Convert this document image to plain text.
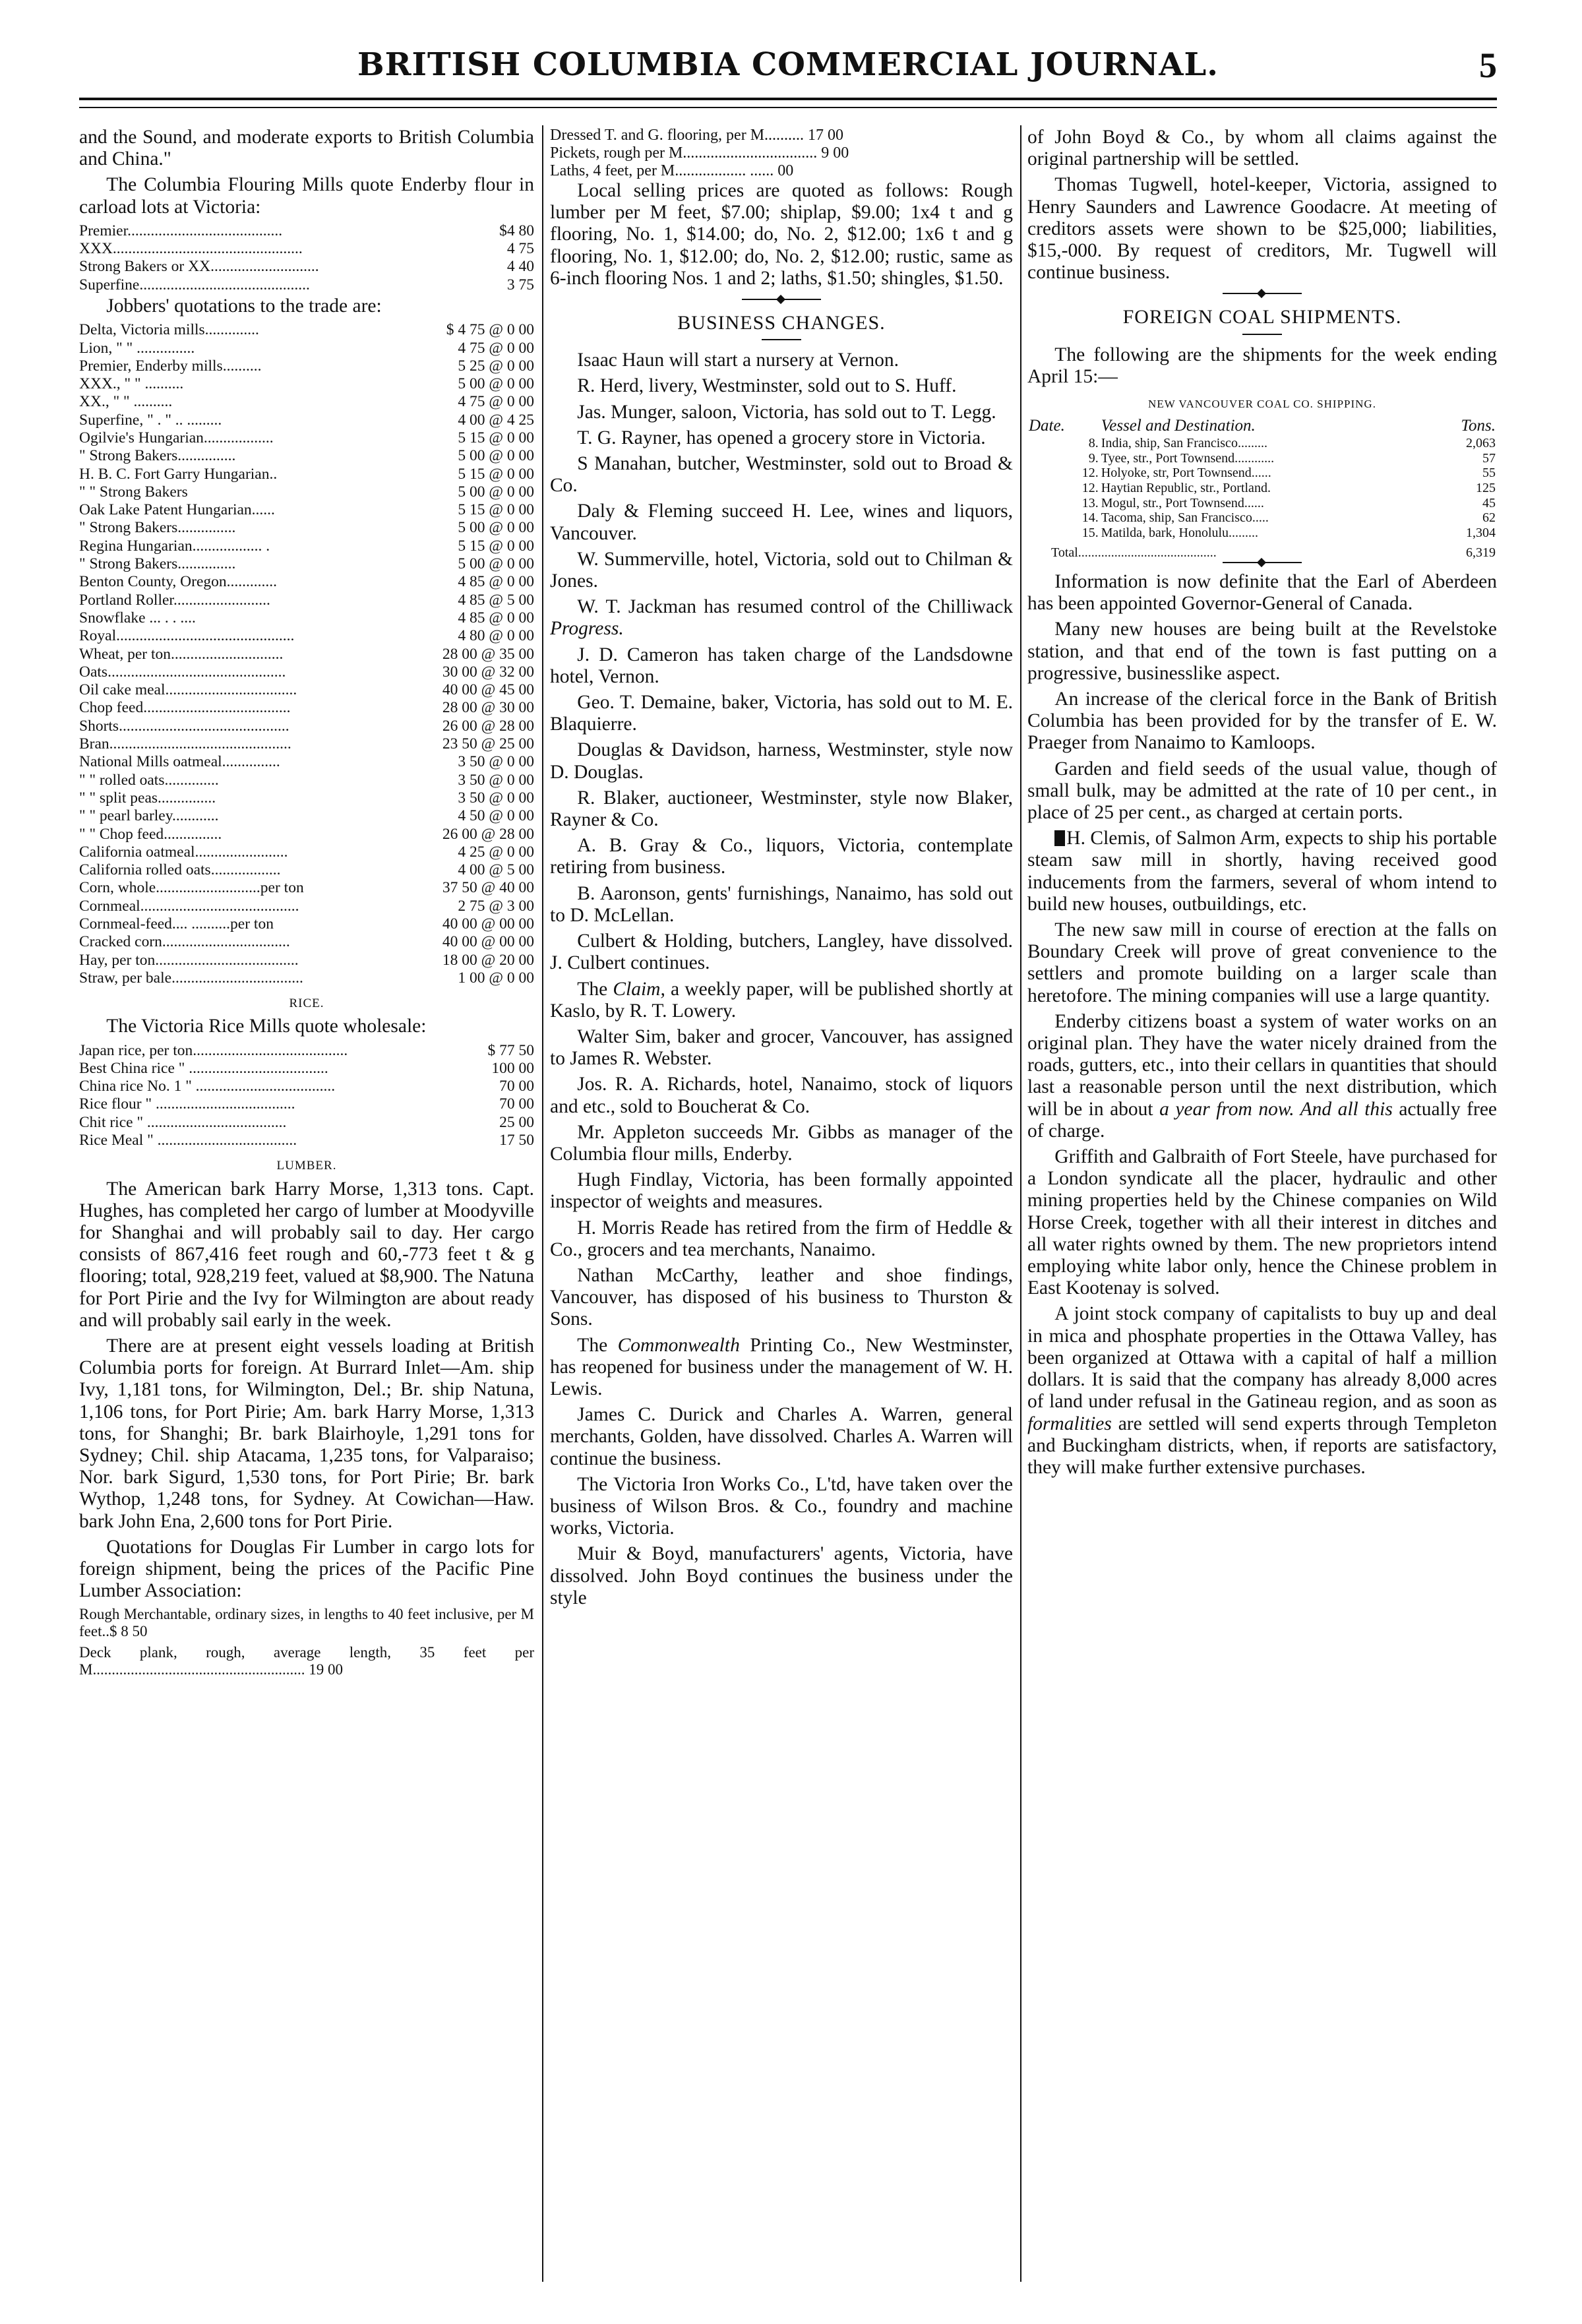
BRITISH COLUMBIA COMMERCIAL JOURNAL.	5

and the Sound, and moderate exports to British Columbia and China."

The Columbia Flouring Mills quote Enderby flour in carload lots at Victoria:

Premier........................................	$4 80
XXX.................................................	4 75
Strong Bakers or XX............................	4 40
Superfine............................................	3 75

Jobbers' quotations to the trade are:

Delta, Victoria mills..............	$ 4 75 @ 0 00
Lion, " " ...............	4 75 @ 0 00
Premier, Enderby mills..........	5 25 @ 0 00
XXX., " " ..........	5 00 @ 0 00
XX., " " ..........	4 75 @ 0 00
Superfine, " . " .. .........	4 00 @ 4 25
Ogilvie's Hungarian..................	5 15 @ 0 00
" Strong Bakers...............	5 00 @ 0 00
H. B. C. Fort Garry Hungarian..	5 15 @ 0 00
" " Strong Bakers	5 00 @ 0 00
Oak Lake Patent Hungarian......	5 15 @ 0 00
" Strong Bakers...............	5 00 @ 0 00
Regina Hungarian.................. .	5 15 @ 0 00
" Strong Bakers...............	5 00 @ 0 00
Benton County, Oregon.............	4 85 @ 0 00
Portland Roller.........................	4 85 @ 5 00
Snowflake ... . . ....	4 85 @ 0 00
Royal..............................................	4 80 @ 0 00
Wheat, per ton.............................	28 00 @ 35 00
Oats..............................................	30 00 @ 32 00
Oil cake meal..................................	40 00 @ 45 00
Chop feed......................................	28 00 @ 30 00
Shorts............................................	26 00 @ 28 00
Bran...............................................	23 50 @ 25 00
National Mills oatmeal...............	3 50 @ 0 00
" " rolled oats..............	3 50 @ 0 00
" " split peas...............	3 50 @ 0 00
" " pearl barley............	4 50 @ 0 00
" " Chop feed...............	26 00 @ 28 00
California oatmeal........................	4 25 @ 0 00
California rolled oats..................	4 00 @ 5 00
Corn, whole...........................per ton	37 50 @ 40 00
Cornmeal.........................................	2 75 @ 3 00
Cornmeal-feed.... ..........per ton	40 00 @ 00 00
Cracked corn.................................	40 00 @ 00 00
Hay, per ton.....................................	18 00 @ 20 00
Straw, per bale..................................	1 00 @ 0 00
RICE.

The Victoria Rice Mills quote wholesale:

Japan rice, per ton........................................	$ 77 50
Best China rice " ....................................	100 00
China rice No. 1 " ....................................	70 00
Rice flour " ....................................	70 00
Chit rice " ....................................	25 00
Rice Meal " ....................................	17 50
LUMBER.

The American bark Harry Morse, 1,313 tons. Capt. Hughes, has completed her cargo of lumber at Moodyville for Shanghai and will probably sail to day. Her cargo consists of 867,416 feet rough and 60,-773 feet t & g flooring; total, 928,219 feet, valued at $8,900. The Natuna for Port Pirie and the Ivy for Wilmington are about ready and will probably sail early in the week.

There are at present eight vessels loading at British Columbia ports for foreign. At Burrard Inlet—Am. ship Ivy, 1,181 tons, for Wilmington, Del.; Br. ship Natuna, 1,106 tons, for Port Pirie; Am. bark Harry Morse, 1,313 tons, for Shanghi; Br. bark Blairhoyle, 1,291 tons for Sydney; Chil. ship Atacama, 1,235 tons, for Valparaiso; Nor. bark Sigurd, 1,530 tons, for Port Pirie; Br. bark Wythop, 1,248 tons, for Sydney. At Cowichan—Haw. bark John Ena, 2,600 tons for Port Pirie.

Quotations for Douglas Fir Lumber in cargo lots for foreign shipment, being the prices of the Pacific Pine Lumber Association:

Rough Merchantable, ordinary sizes, in lengths to 40 feet inclusive, per M feet..$ 8 50

Deck plank, rough, average length, 35 feet per M........................................................ 19 00

Dressed T. and G. flooring, per M.......... 17 00

Pickets, rough per M.................................. 9 00

Laths, 4 feet, per M.................. ...... 00

Local selling prices are quoted as follows: Rough lumber per M feet, $7.00; shiplap, $9.00; 1x4 t and g flooring, No. 1, $14.00; do, No. 2, $12.00; 1x6 t and g flooring, No. 1, $12.00; do, No. 2, $12.00; rustic, same as 6-inch flooring Nos. 1 and 2; laths, $1.50; shingles, $1.50.

BUSINESS CHANGES.

Isaac Haun will start a nursery at Vernon.

R. Herd, livery, Westminster, sold out to S. Huff.

Jas. Munger, saloon, Victoria, has sold out to T. Legg.

T. G. Rayner, has opened a grocery store in Victoria.

S Manahan, butcher, Westminster, sold out to Broad & Co.

Daly & Fleming succeed H. Lee, wines and liquors, Vancouver.

W. Summerville, hotel, Victoria, sold out to Chilman & Jones.

W. T. Jackman has resumed control of the Chilliwack Progress.

J. D. Cameron has taken charge of the Landsdowne hotel, Vernon.

Geo. T. Demaine, baker, Victoria, has sold out to M. E. Blaquierre.

Douglas & Davidson, harness, Westminster, style now D. Douglas.

R. Blaker, auctioneer, Westminster, style now Blaker, Rayner & Co.

A. B. Gray & Co., liquors, Victoria, contemplate retiring from business.

B. Aaronson, gents' furnishings, Nanaimo, has sold out to D. McLellan.

Culbert & Holding, butchers, Langley, have dissolved. J. Culbert continues.

The Claim, a weekly paper, will be published shortly at Kaslo, by R. T. Lowery.

Walter Sim, baker and grocer, Vancouver, has assigned to James R. Webster.

Jos. R. A. Richards, hotel, Nanaimo, stock of liquors and etc., sold to Boucherat & Co.

Mr. Appleton succeeds Mr. Gibbs as manager of the Columbia flour mills, Enderby.

Hugh Findlay, Victoria, has been formally appointed inspector of weights and measures.

H. Morris Reade has retired from the firm of Heddle & Co., grocers and tea merchants, Nanaimo.

Nathan McCarthy, leather and shoe findings, Vancouver, has disposed of his business to Thurston & Sons.

The Commonwealth Printing Co., New Westminster, has reopened for business under the management of W. H. Lewis.

James C. Durick and Charles A. Warren, general merchants, Golden, have dissolved. Charles A. Warren will continue the business.

The Victoria Iron Works Co., L'td, have taken over the business of Wilson Bros. & Co., foundry and machine works, Victoria.

Muir & Boyd, manufacturers' agents, Victoria, have dissolved. John Boyd continues the business under the style

of John Boyd & Co., by whom all claims against the original partnership will be settled.

Thomas Tugwell, hotel-keeper, Victoria, assigned to Henry Saunders and Lawrence Goodacre. At meeting of creditors assets were shown to be $25,000; liabilities, $15,-000. By request of creditors, Mr. Tugwell will continue business.

FOREIGN COAL SHIPMENTS.

The following are the shipments for the week ending April 15:—

NEW VANCOUVER COAL CO. SHIPPING.
Date.	Vessel and Destination.	Tons.
8.	India, ship, San Francisco.........	2,063
9.	Tyee, str., Port Townsend............	57
12.	Holyoke, str, Port Townsend......	55
12.	Haytian Republic, str., Portland.	125
13.	Mogul, str., Port Townsend......	45
14.	Tacoma, ship, San Francisco.....	62
15.	Matilda, bark, Honolulu.........	1,304
Total..........................................	6,319

Information is now definite that the Earl of Aberdeen has been appointed Governor-General of Canada.

Many new houses are being built at the Revelstoke station, and that end of the town is fast putting on a progressive, businesslike aspect.

An increase of the clerical force in the Bank of British Columbia has been provided for by the transfer of E. W. Praeger from Nanaimo to Kamloops.

Garden and field seeds of the usual value, though of small bulk, may be admitted at the rate of 10 per cent., in place of 25 per cent., as charged at certain ports.

H. Clemis, of Salmon Arm, expects to ship his portable steam saw mill in shortly, having received good inducements from the farmers, several of whom intend to build new houses, outbuildings, etc.

The new saw mill in course of erection at the falls on Boundary Creek will prove of great convenience to the settlers and promote building on a larger scale than heretofore. The mining companies will use a large quantity.

Enderby citizens boast a system of water works on an original plan. They have the water nicely drained from the roads, gutters, etc., into their cellars in quantities that should last a reasonable person until the next distribution, which will be in about a year from now. And all this actually free of charge.

Griffith and Galbraith of Fort Steele, have purchased for a London syndicate all the placer, hydraulic and other mining properties held by the Chinese companies on Wild Horse Creek, together with all their interest in ditches and all water rights owned by them. The new proprietors intend employing white labor only, hence the Chinese problem in East Kootenay is solved.

A joint stock company of capitalists to buy up and deal in mica and phosphate properties in the Ottawa Valley, has been organized at Ottawa with a capital of half a million dollars. It is said that the company has already 8,000 acres of land under refusal in the Gatineau region, and as soon as formalities are settled will send experts through Templeton and Buckingham districts, when, if reports are satisfactory, they will make further extensive purchases.
